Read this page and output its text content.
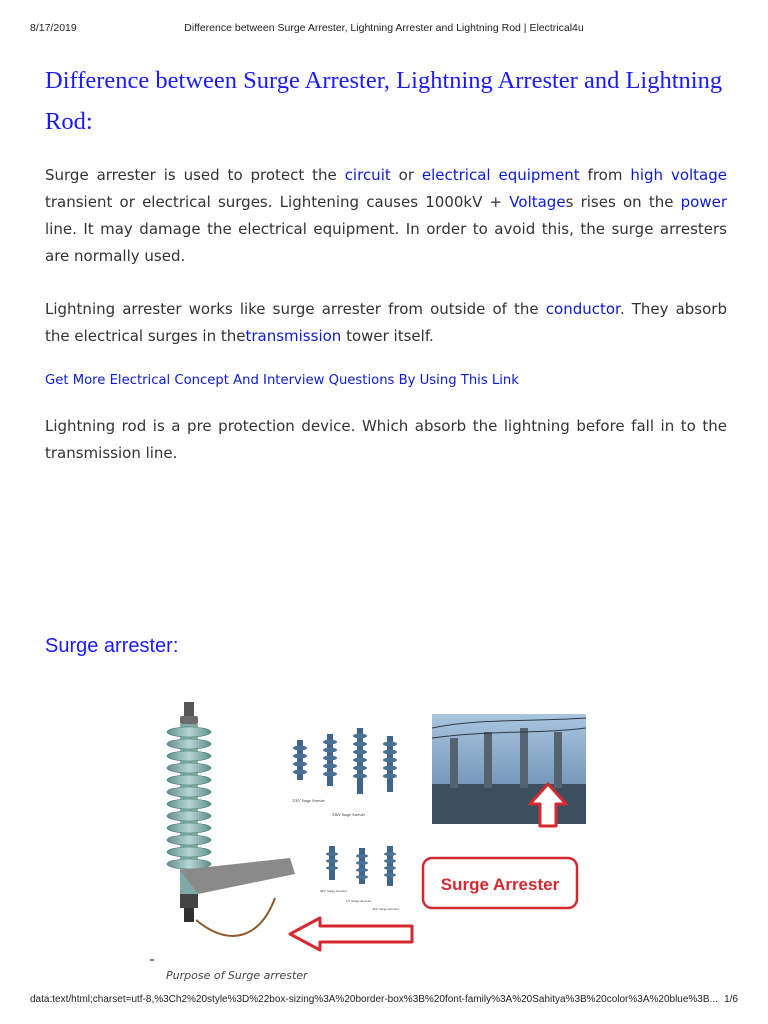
8/17/2019	Difference between Surge Arrester, Lightning Arrester and Lightning Rod | Electrical4u
Difference between Surge Arrester, Lightning Arrester and Lightning Rod:

Surge arrester is used to protect the circuit or electrical equipment from high voltage transient or electrical surges. Lightening causes 1000kV + Voltages rises on the power line. It may damage the electrical equipment. In order to avoid this, the surge arresters are normally used.

Lightning arrester works like surge arrester from outside of the conductor. They absorb the electrical surges in thetransmission tower itself.

Get More Electrical Concept And Interview Questions By Using This Link

Lightning rod is a pre protection device. Which absorb the lightning before fall in to the transmission line.

Surge arrester:
11kV Surge Arrester
33kV Surge Arrester
6kV Surge Arrester
LV Surge Arrester
3kV Surge Arrester
Surge Arrester
Purpose of Surge arrester
data:text/html;charset=utf-8,%3Ch2%20style%3D%22box-sizing%3A%20border-box%3B%20font-family%3A%20Sahitya%3B%20color%3A%20blue%3B... 1/6
